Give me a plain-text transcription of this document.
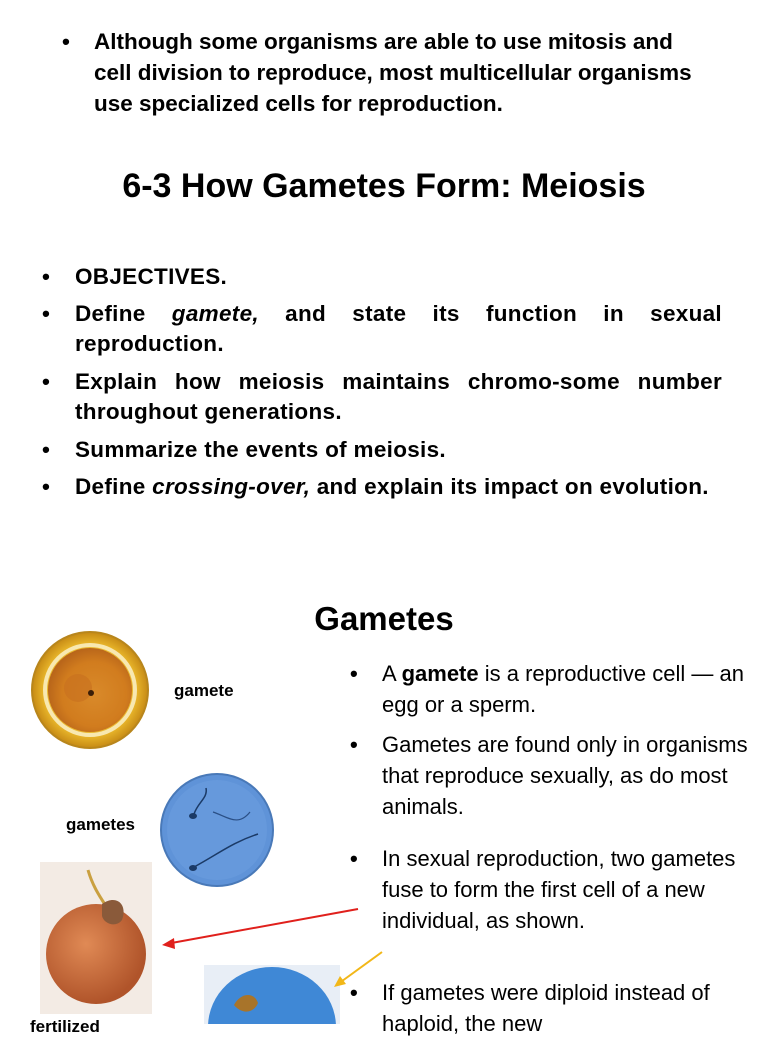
•	Although some organisms are able to use mitosis and cell division to reproduce, most multicellular organisms use specialized cells for reproduction.
6-3 How Gametes Form: Meiosis
•	OBJECTIVES.
•	Define gamete, and state its function in sexual reproduction.
•	Explain how meiosis maintains chromo-some number throughout generations.
•	Summarize the events of meiosis.
•	Define crossing-over, and explain its impact on evolution.
Gametes
gamete
gametes
fertilized
•	A gamete is a reproductive cell — an egg or a sperm.
•	Gametes are found only in organisms that reproduce sexually, as do most animals.
•	In sexual reproduction, two gametes fuse to form the first cell of a new individual, as shown.
•	If gametes were diploid instead of haploid, the new
